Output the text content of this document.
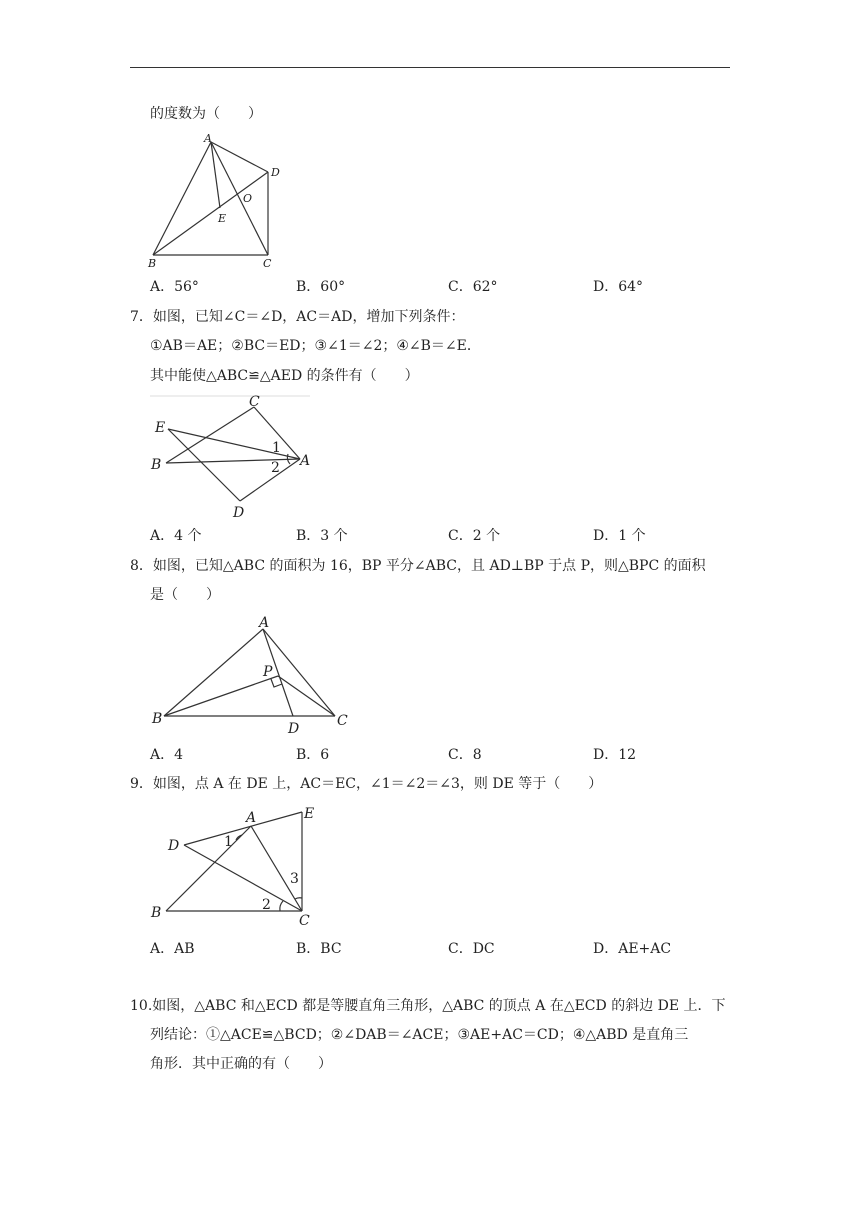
的度数为（　　）
A
B	C
D
E
O
A．56°	B．60°	C．62°	D．64°
7．如图，已知∠C＝∠D，AC＝AD，增加下列条件：
①AB＝AE；②BC＝ED；③∠1＝∠2；④∠B＝∠E．
其中能使△ABC≌△AED 的条件有（　　）
C
E
B	A
D
1
2
A．4 个	B．3 个	C．2 个	D．1 个
8．如图，已知△ABC 的面积为 16，BP 平分∠ABC，且 AD⊥BP 于点 P，则△BPC 的面积
是（　　）
A
B	C
D
P
A．4	B．6	C．8	D．12
9．如图，点 A 在 DE 上，AC＝EC，∠1＝∠2＝∠3，则 DE 等于（　　）
A	E
D
B	C
1
2
3
A．AB	B．BC	C．DC	D．AE+AC
10.如图，△ABC 和△ECD 都是等腰直角三角形，△ABC 的顶点 A 在△ECD 的斜边 DE 上．下
列结论：①△ACE≌△BCD；②∠DAB＝∠ACE；③AE+AC＝CD；④△ABD 是直角三
角形．其中正确的有（　　）
